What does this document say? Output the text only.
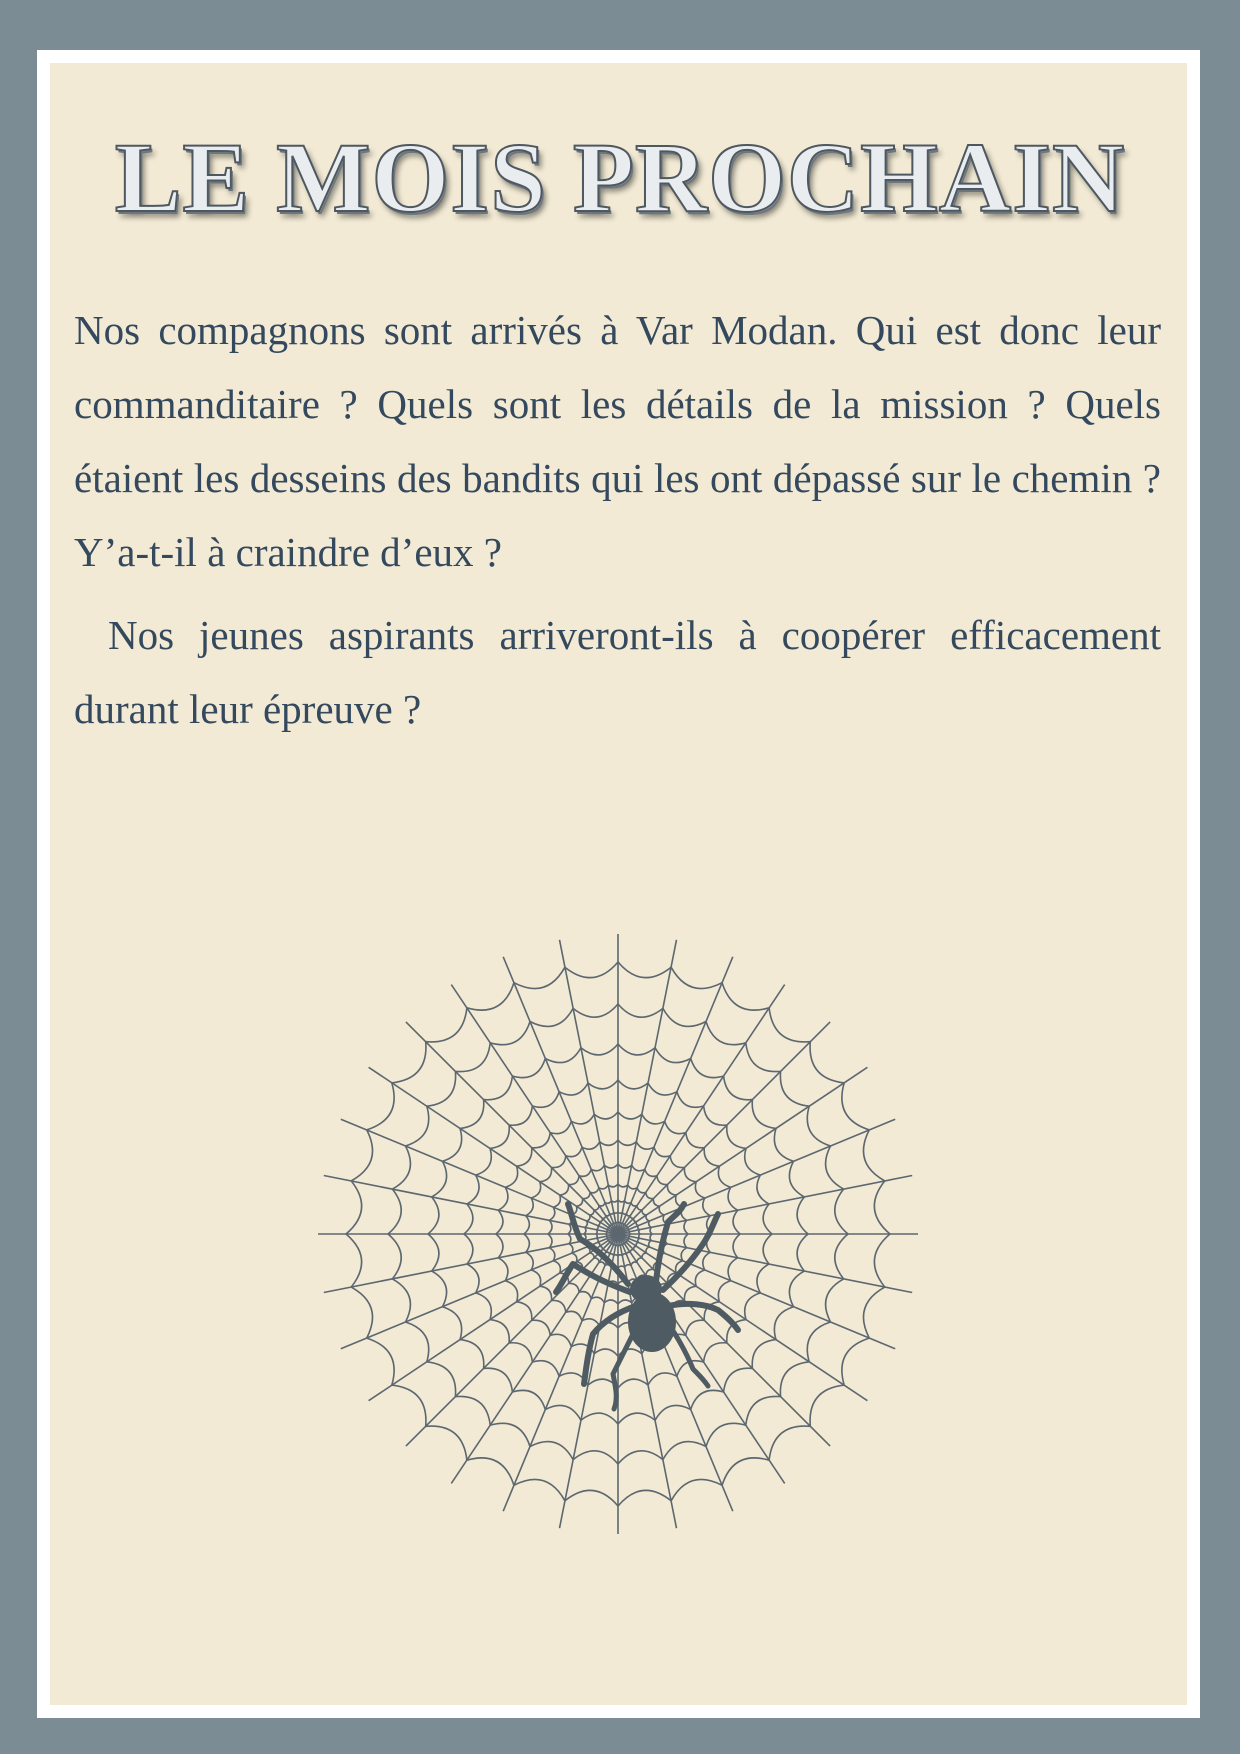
LE MOIS PROCHAIN

Nos compagnons sont arrivés à Var Modan. Qui est donc leur commanditaire ? Quels sont les détails de la mission ? Quels étaient les desseins des bandits qui les ont dépassé sur le chemin ? Y’a-t-il à craindre d’eux ?

Nos jeunes aspirants arriveront-ils à coopérer efficacement durant leur épreuve ?
